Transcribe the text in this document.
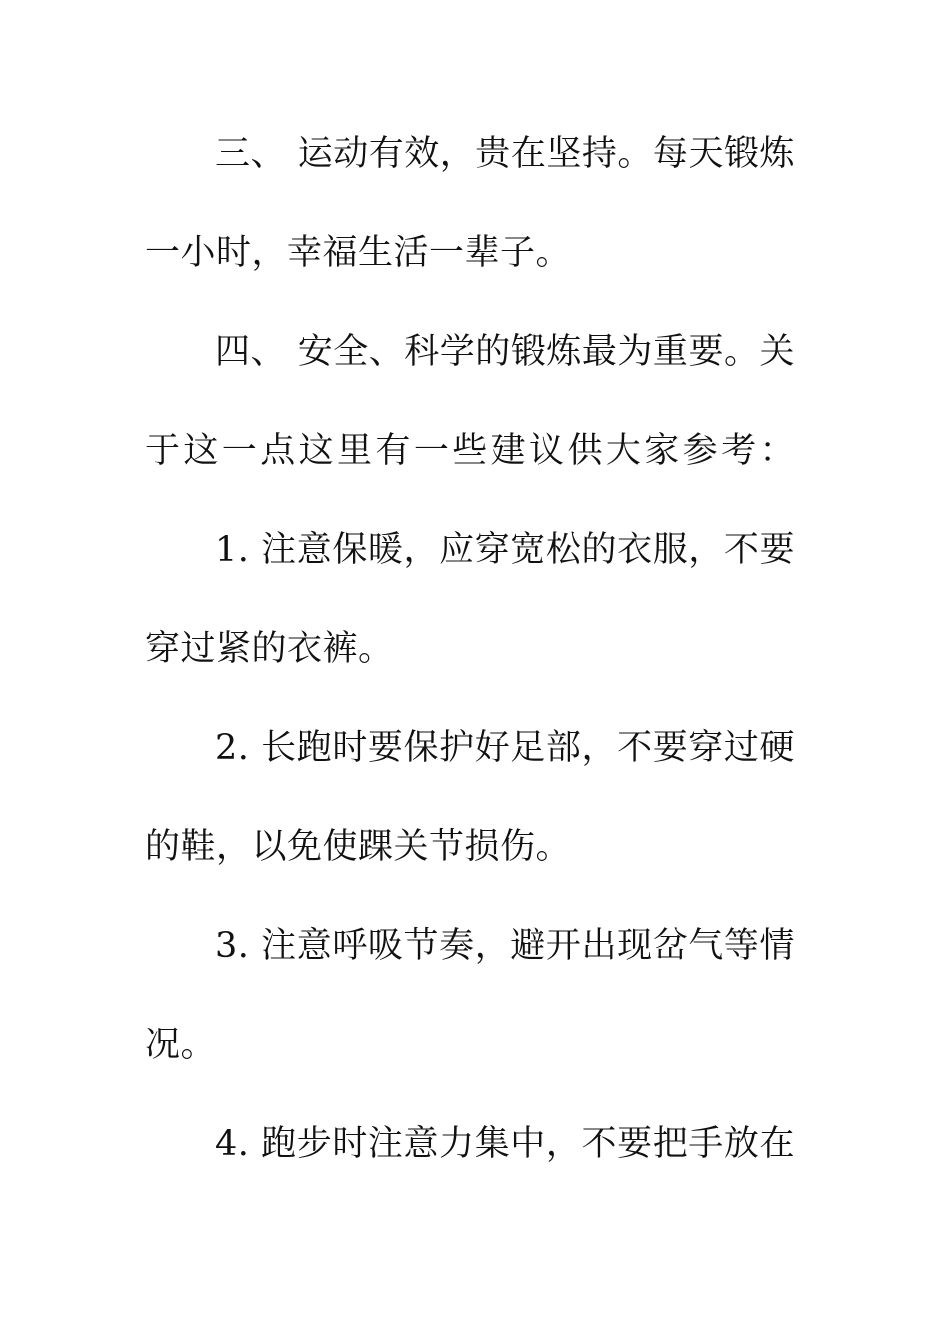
三、 运动有效，贵在坚持。每天锻炼
一小时，幸福生活一辈子。
四、 安全、科学的锻炼最为重要。关
于这一点这里有一些建议供大家参考：
1. 注意保暖，应穿宽松的衣服，不要
穿过紧的衣裤。
2. 长跑时要保护好足部，不要穿过硬
的鞋，以免使踝关节损伤。
3. 注意呼吸节奏，避开出现岔气等情
况。
4. 跑步时注意力集中，不要把手放在
